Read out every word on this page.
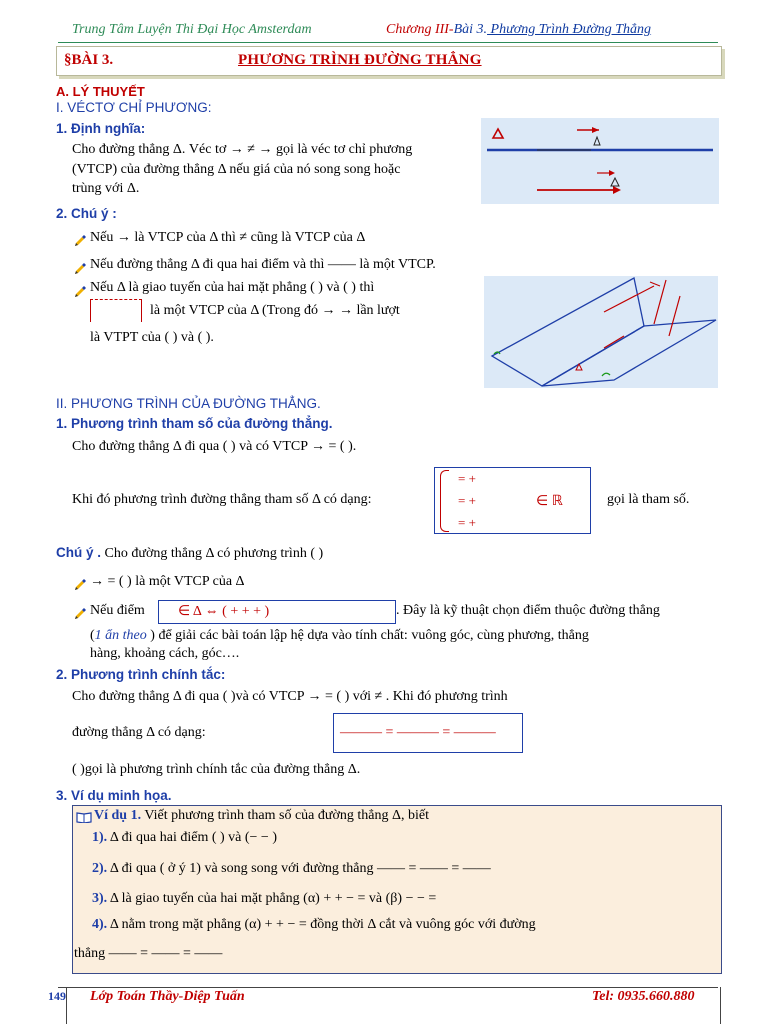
Trung Tâm Luyện Thi Đại Học Amsterdam	Chương III-Bài 3. Phương Trình Đường Thẳng
§BÀI 3.	PHƯƠNG TRÌNH ĐƯỜNG THẲNG
A. LÝ THUYẾT
I. VÉCTƠ CHỈ PHƯƠNG:
1. Định nghĩa:
Cho đường thẳng Δ. Véc tơ → ≠ → gọi là véc tơ chỉ phương
(VTCP) của đường thẳng Δ nếu giá của nó song song hoặc
trùng với Δ.
2. Chú ý :
Nếu → là VTCP của Δ thì ≠ cũng là VTCP của Δ
Nếu đường thẳng Δ đi qua hai điểm và thì —— là một VTCP.
Nếu Δ là giao tuyến của hai mặt phẳng ( ) và ( ) thì
là một VTCP của Δ (Trong đó → → lần lượt
là VTPT của ( ) và ( ).
II. PHƯƠNG TRÌNH CỦA ĐƯỜNG THẲNG.
1. Phương trình tham số của đường thẳng.
Cho đường thẳng Δ đi qua ( ) và có VTCP → = ( ).
Khi đó phương trình đường thẳng tham số Δ có dạng:
= +
= +
= +
∈ ℝ	gọi là tham số.
Chú ý . Cho đường thẳng Δ có phương trình ( )
→ = ( ) là một VTCP của Δ
Nếu điểm ∈ Δ ⇔ ( + + + )	. Đây là kỹ thuật chọn điểm thuộc đường thẳng
(1 ẩn theo ) để giải các bài toán lập hệ dựa vào tính chất: vuông góc, cùng phương, thẳng
hàng, khoảng cách, góc….
2. Phương trình chính tắc:
Cho đường thẳng Δ đi qua ( )và có VTCP → = ( ) với ≠ . Khi đó phương trình
đường thẳng Δ có dạng:	——— = ——— = ———
( )gọi là phương trình chính tắc của đường thẳng Δ.
3. Ví dụ minh họa.
Ví dụ 1. Viết phương trình tham số của đường thẳng Δ, biết
1). Δ đi qua hai điểm ( ) và (− − )
2). Δ đi qua ( ở ý 1) và song song với đường thẳng —— = —— = ——
3). Δ là giao tuyến của hai mặt phẳng (α) + + − = và (β) − − =
4). Δ nằm trong mặt phẳng (α) + + − = đồng thời Δ cắt và vuông góc với đường
thẳng —— = —— = ——
149 Lớp Toán Thầy-Diệp Tuấn	Tel: 0935.660.880
